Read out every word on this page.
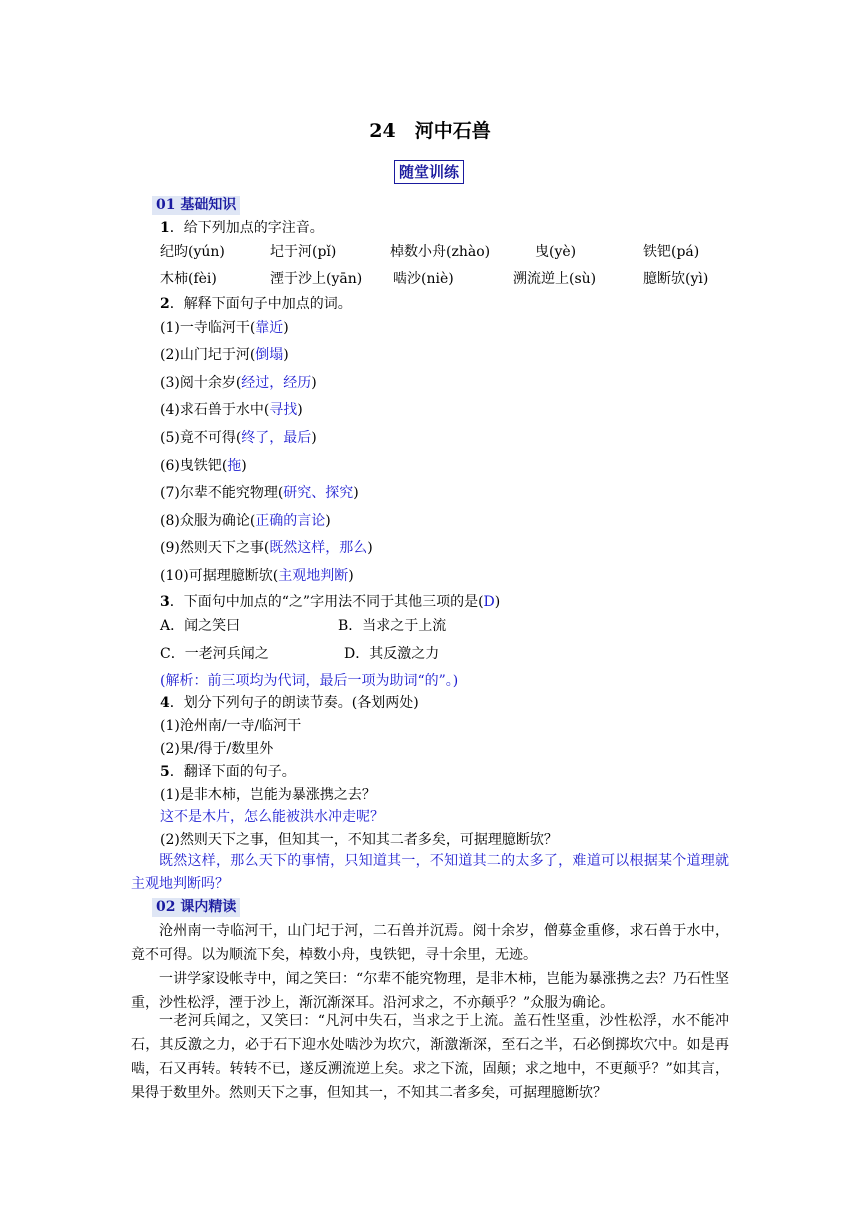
24　河中石兽
随堂训练
01 基础知识
1．给下列加点的字注音。
纪昀(yún)	圮于河(pǐ)	棹数小舟(zhào)	曳(yè)	铁钯(pá)
木柿(fèi)	湮于沙上(yān) 啮沙(niè)	溯流逆上(sù)	臆断欤(yì)
2．解释下面句子中加点的词。
(1)一寺临河干(靠近)
(2)山门圮于河(倒塌)
(3)阅十余岁(经过，经历)
(4)求石兽于水中(寻找)
(5)竟不可得(终了，最后)
(6)曳铁钯(拖)
(7)尔辈不能究物理(研究、探究)
(8)众服为确论(正确的言论)
(9)然则天下之事(既然这样，那么)
(10)可据理臆断欤(主观地判断)
3．下面句中加点的“之”字用法不同于其他三项的是(D)
A．闻之笑曰	B．当求之于上流
C．一老河兵闻之	D．其反激之力
(解析：前三项均为代词，最后一项为助词“的”。)
4．划分下列句子的朗读节奏。(各划两处)
(1)沧州南/一寺/临河干
(2)果/得于/数里外
5．翻译下面的句子。
(1)是非木柿，岂能为暴涨携之去？
这不是木片，怎么能被洪水冲走呢？
(2)然则天下之事，但知其一，不知其二者多矣，可据理臆断欤？
既然这样，那么天下的事情，只知道其一，不知道其二的太多了，难道可以根据某个道理就主观地判断吗？
02 课内精读
沧州南一寺临河干，山门圮于河，二石兽并沉焉。阅十余岁，僧募金重修，求石兽于水中，竟不可得。以为顺流下矣，棹数小舟，曳铁钯，寻十余里，无迹。
一讲学家设帐寺中，闻之笑曰：“尔辈不能究物理，是非木柿，岂能为暴涨携之去？乃石性坚重，沙性松浮，湮于沙上，渐沉渐深耳。沿河求之，不亦颠乎？”众服为确论。
一老河兵闻之，又笑曰：“凡河中失石，当求之于上流。盖石性坚重，沙性松浮，水不能冲石，其反激之力，必于石下迎水处啮沙为坎穴，渐激渐深，至石之半，石必倒掷坎穴中。如是再啮，石又再转。转转不已，遂反溯流逆上矣。求之下流，固颠；求之地中，不更颠乎？”如其言，果得于数里外。然则天下之事，但知其一，不知其二者多矣，可据理臆断欤？
